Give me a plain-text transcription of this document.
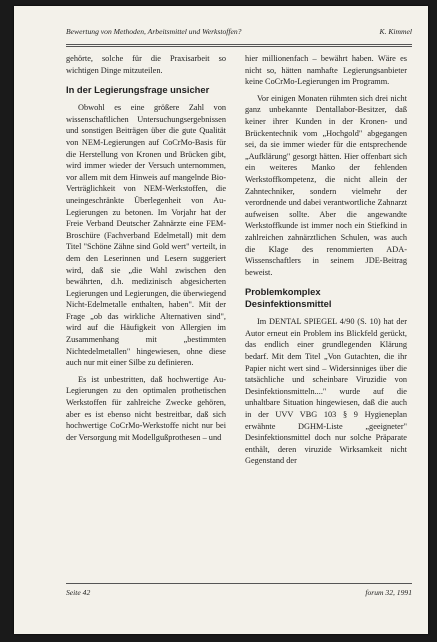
Bewertung von Methoden, Arbeitsmittel und Werkstoffen?	K. Kimmel

gehörte, solche für die Praxisarbeit so wichtigen Dinge mitzuteilen.

In der Legierungsfrage unsicher

Obwohl es eine größere Zahl von wissenschaftlichen Untersuchungsergebnissen und sonstigen Beiträgen über die gute Qualität von NEM-Legierungen auf CoCrMo-Basis für die Herstellung von Kronen und Brücken gibt, wird immer wieder der Versuch unternommen, vor allem mit dem Hinweis auf mangelnde Bio-Verträglichkeit von NEM-Werkstoffen, die uneingeschränkte Überlegenheit von Au-Legierungen zu betonen. Im Vorjahr hat der Freie Verband Deutscher Zahnärzte eine FEM-Broschüre (Fachverband Edelmetall) mit dem Titel "Schöne Zähne sind Gold wert" verteilt, in dem den Leserinnen und Lesern suggeriert wird, daß sie „die Wahl zwischen den bewährten, d.h. medizinisch abgesicherten Legierungen und Legierungen, die überwiegend Nicht-Edelmetalle enthalten, haben". Mit der Frage „ob das wirkliche Alternativen sind", wird auf die Häufigkeit von Allergien im Zusammenhang mit „bestimmten Nichtedelmetallen" hingewiesen, ohne diese auch nur mit einer Silbe zu definieren.

Es ist unbestritten, daß hochwertige Au-Legierungen zu den optimalen prothetischen Werkstoffen für zahlreiche Zwecke gehören, aber es ist ebenso nicht bestreitbar, daß sich hochwertige CoCrMo-Werkstoffe nicht nur bei der Versorgung mit Modellgußprothesen – und

hier millionenfach – bewährt haben. Wäre es nicht so, hätten namhafte Legierungsanbieter keine CoCrMo-Legierungen im Programm.

Vor einigen Monaten rühmten sich drei nicht ganz unbekannte Dentallabor-Besitzer, daß keiner ihrer Kunden in der Kronen- und Brückentechnik vom „Hochgold" abgegangen sei, da sie immer wieder für die entsprechende „Aufklärung" gesorgt hätten. Hier offenbart sich ein weiteres Manko der fehlenden Werkstoffkompetenz, die nicht allein der Zahntechniker, sondern vielmehr der verordnende und dabei verantwortliche Zahnarzt aufweisen sollte. Aber die angewandte Werkstoffkunde ist immer noch ein Stiefkind in zahlreichen zahnärztlichen Schulen, was auch die Klage des renommierten ADA-Wissenschaftlers in seinem JDE-Beitrag beweist.

Problemkomplex Desinfektionsmittel

Im DENTAL SPIEGEL 4/90 (S. 10) hat der Autor erneut ein Problem ins Blickfeld gerückt, das endlich einer grundlegenden Klärung bedarf. Mit dem Titel „Von Gutachten, die ihr Papier nicht wert sind – Widersinniges über die tatsächliche und scheinbare Viruzidie von Desinfektionsmitteln...." wurde auf die unhaltbare Situation hingewiesen, daß die auch in der UVV VBG 103 § 9 Hygieneplan erwähnte DGHM-Liste „geeigneter" Desinfektionsmittel doch nur solche Präparate enthält, deren viruzide Wirksamkeit nicht Gegenstand der

Seite 42	forum 32, 1991
